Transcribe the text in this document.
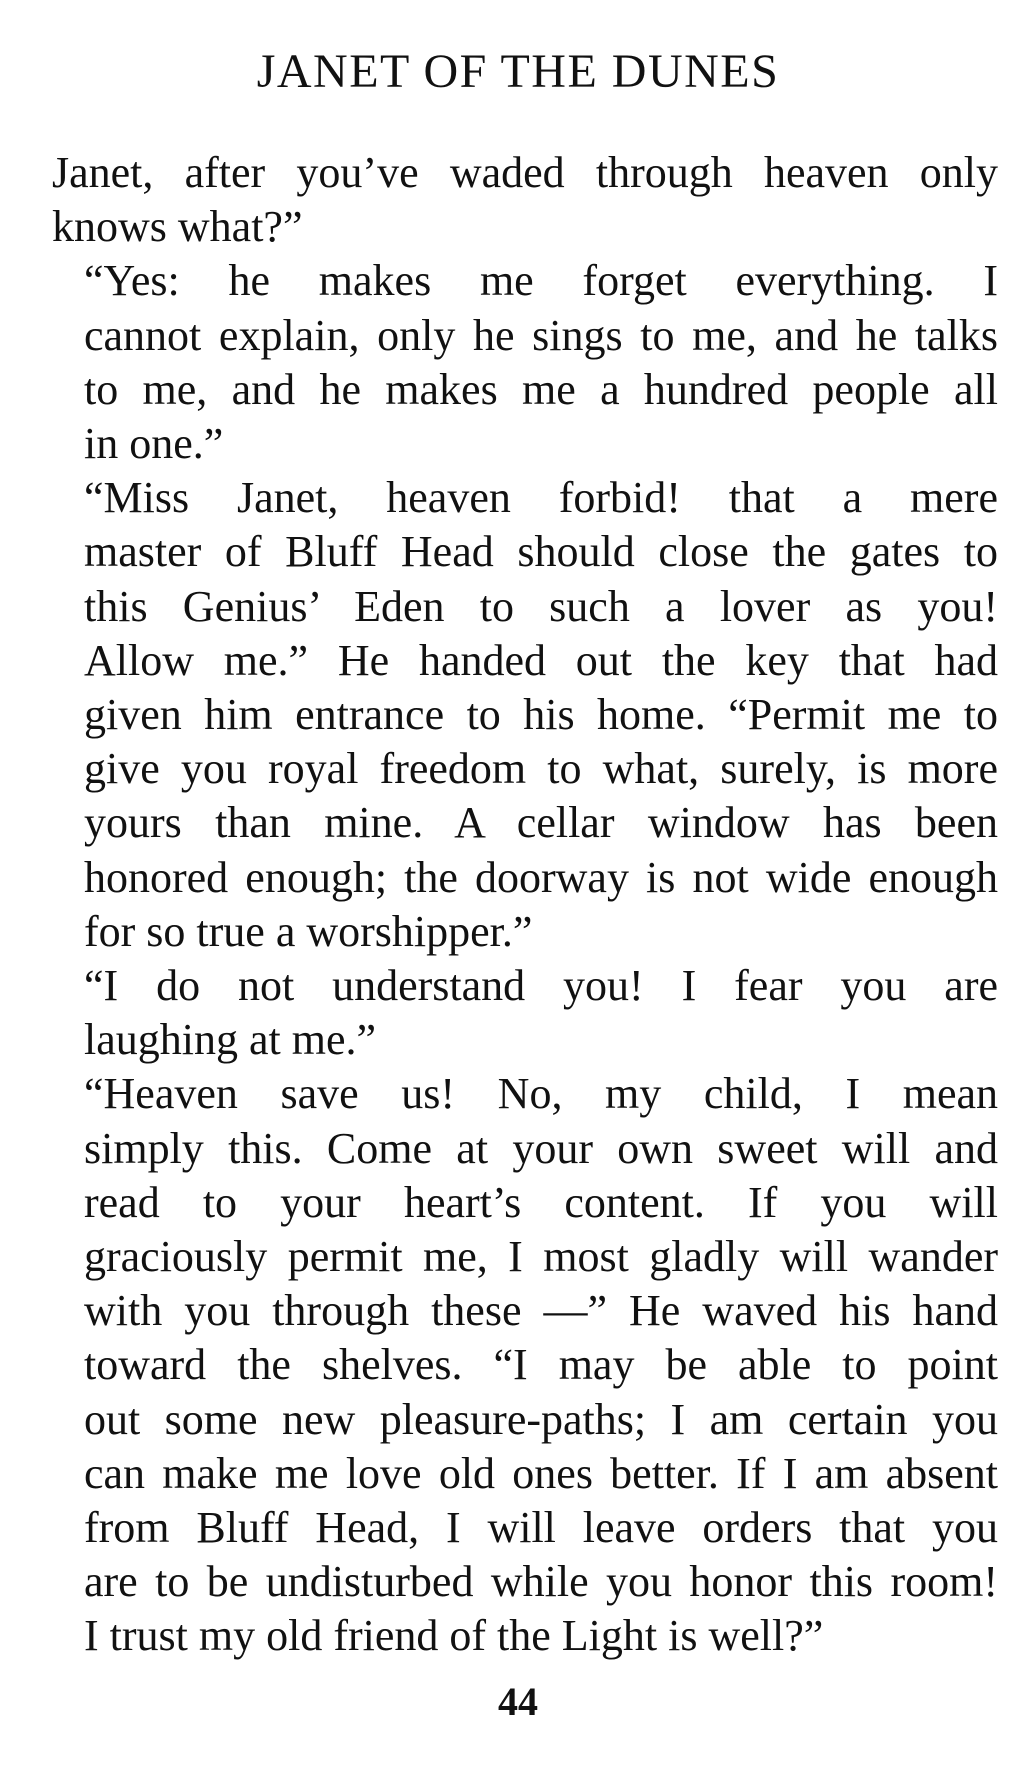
JANET OF THE DUNES

Janet, after you’ve waded through heaven only
knows what?”

“Yes: he makes me forget everything. I
cannot explain, only he sings to me, and he talks
to me, and he makes me a hundred people all
in one.”

“Miss Janet, heaven forbid! that a mere
master of Bluff Head should close the gates to
this Genius’ Eden to such a lover as you!
Allow me.” He handed out the key that had
given him entrance to his home. “Permit me to
give you royal freedom to what, surely, is more
yours than mine. A cellar window has been
honored enough; the doorway is not wide enough
for so true a worshipper.”

“I do not understand you! I fear you are
laughing at me.”

“Heaven save us! No, my child, I mean
simply this. Come at your own sweet will and
read to your heart’s content. If you will
graciously permit me, I most gladly will wander
with you through these —” He waved his hand
toward the shelves. “I may be able to point
out some new pleasure-paths; I am certain you
can make me love old ones better. If I am absent
from Bluff Head, I will leave orders that you
are to be undisturbed while you honor this room!
I trust my old friend of the Light is well?”

44
